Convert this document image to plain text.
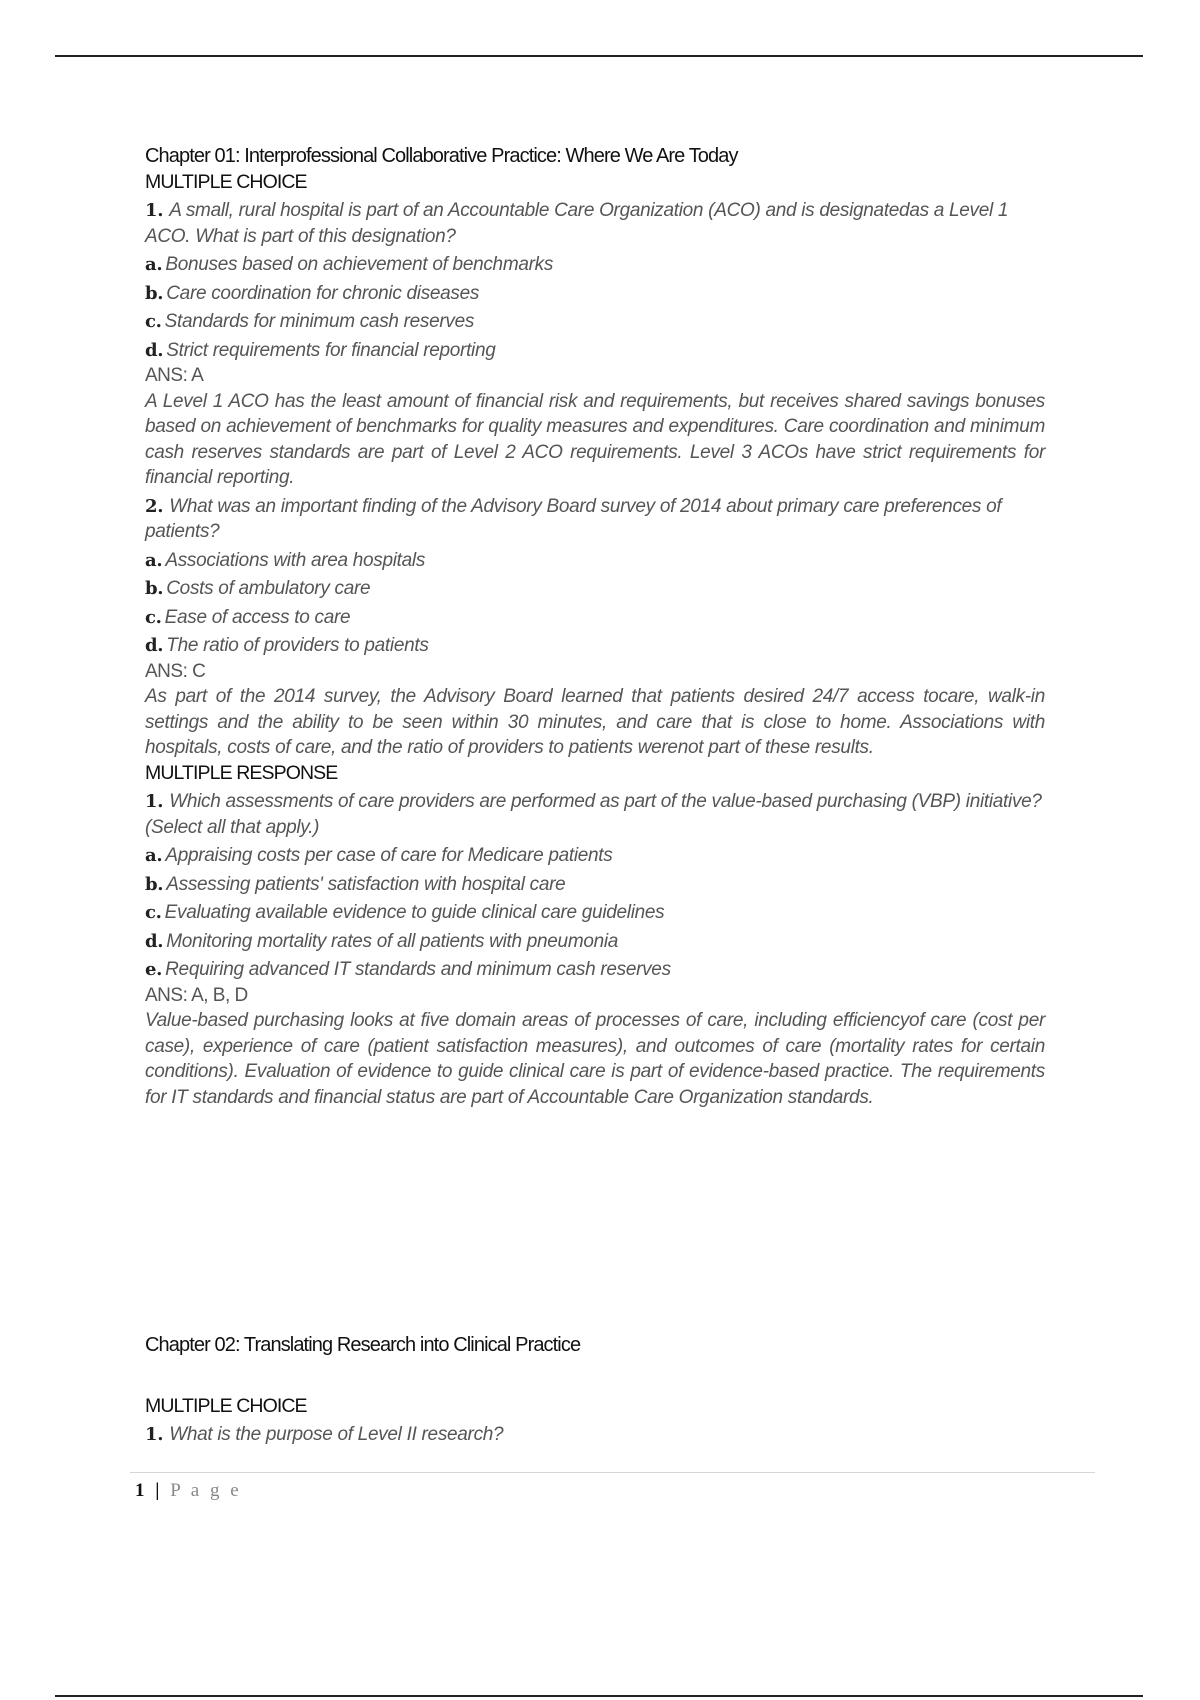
Chapter 01: Interprofessional Collaborative Practice: Where We Are Today
MULTIPLE CHOICE
1. A small, rural hospital is part of an Accountable Care Organization (ACO) and is designatedas a Level 1 ACO. What is part of this designation?
a. Bonuses based on achievement of benchmarks
b. Care coordination for chronic diseases
c. Standards for minimum cash reserves
d. Strict requirements for financial reporting
ANS: A
A Level 1 ACO has the least amount of financial risk and requirements, but receives shared savings bonuses based on achievement of benchmarks for quality measures and expenditures. Care coordination and minimum cash reserves standards are part of Level 2 ACO requirements. Level 3 ACOs have strict requirements for financial reporting.
2. What was an important finding of the Advisory Board survey of 2014 about primary care preferences of patients?
a. Associations with area hospitals
b. Costs of ambulatory care
c. Ease of access to care
d. The ratio of providers to patients
ANS: C
As part of the 2014 survey, the Advisory Board learned that patients desired 24/7 access tocare, walk-in settings and the ability to be seen within 30 minutes, and care that is close to home. Associations with hospitals, costs of care, and the ratio of providers to patients werenot part of these results.
MULTIPLE RESPONSE
1. Which assessments of care providers are performed as part of the value-based purchasing (VBP) initiative? (Select all that apply.)
a. Appraising costs per case of care for Medicare patients
b. Assessing patients' satisfaction with hospital care
c. Evaluating available evidence to guide clinical care guidelines
d. Monitoring mortality rates of all patients with pneumonia
e. Requiring advanced IT standards and minimum cash reserves
ANS: A, B, D
Value-based purchasing looks at five domain areas of processes of care, including efficiencyof care (cost per case), experience of care (patient satisfaction measures), and outcomes of care (mortality rates for certain conditions). Evaluation of evidence to guide clinical care is part of evidence-based practice. The requirements for IT standards and financial status are part of Accountable Care Organization standards.
Chapter 02: Translating Research into Clinical Practice
MULTIPLE CHOICE
1. What is the purpose of Level II research?
1 | P a g e
